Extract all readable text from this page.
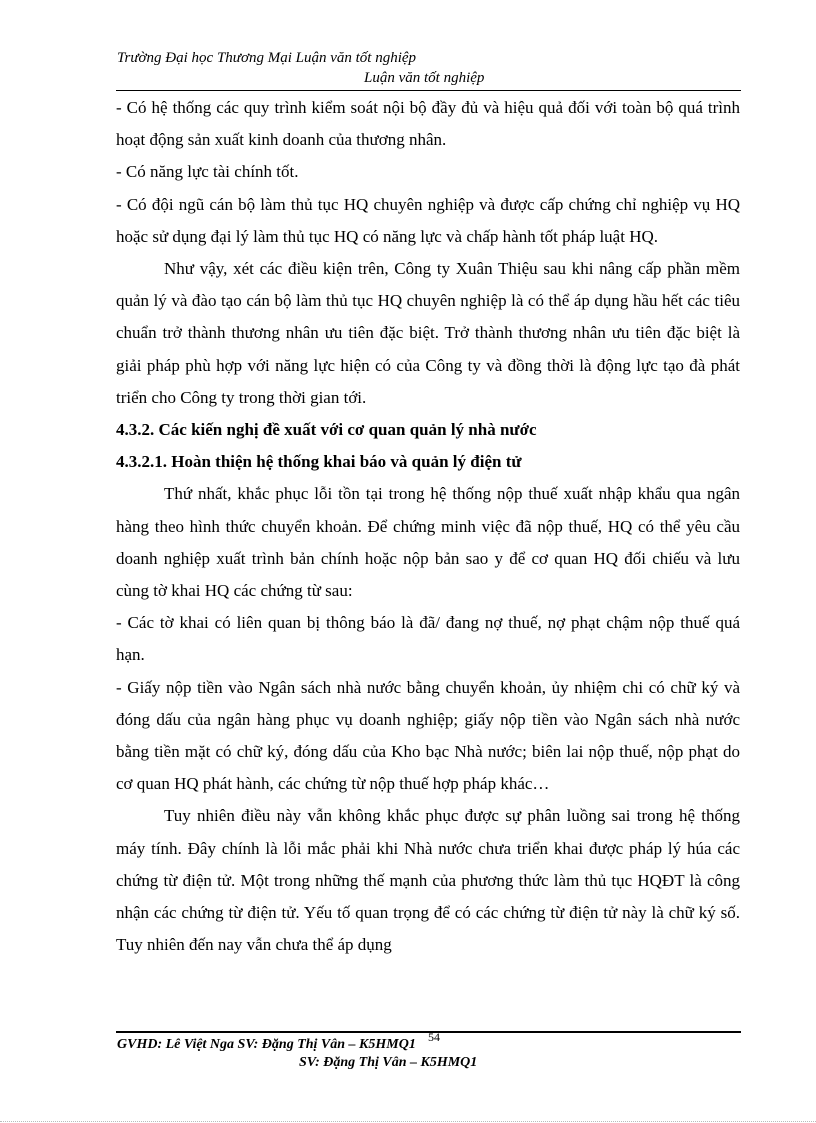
Trường Đại học Thương Mại Luận văn tốt nghiệp
Luận văn tốt nghiệp

- Có hệ thống các quy trình kiểm soát nội bộ đầy đủ và hiệu quả đối với toàn bộ quá trình hoạt động sản xuất kinh doanh của thương nhân.

- Có năng lực tài chính tốt.

- Có đội ngũ cán bộ làm thủ tục HQ chuyên nghiệp và được cấp chứng chỉ nghiệp vụ HQ hoặc sử dụng đại lý làm thủ tục HQ có năng lực và chấp hành tốt pháp luật HQ.

Như vậy, xét các điều kiện trên, Công ty Xuân Thiệu sau khi nâng cấp phần mềm quản lý và đào tạo cán bộ làm thủ tục HQ chuyên nghiệp là có thể áp dụng hầu hết các tiêu chuẩn trở thành thương nhân ưu tiên đặc biệt. Trở thành thương nhân ưu tiên đặc biệt là giải pháp phù hợp với năng lực hiện có của Công ty và đồng thời là động lực tạo đà phát triển cho Công ty trong thời gian tới.

4.3.2. Các kiến nghị đề xuất với cơ quan quản lý nhà nước

4.3.2.1. Hoàn thiện hệ thống khai báo và quản lý điện tử

Thứ nhất, khắc phục lỗi tồn tại trong hệ thống nộp thuế xuất nhập khẩu qua ngân hàng theo hình thức chuyển khoản. Để chứng minh việc đã nộp thuế, HQ có thể yêu cầu doanh nghiệp xuất trình bản chính hoặc nộp bản sao y để cơ quan HQ đối chiếu và lưu cùng tờ khai HQ các chứng từ sau:

- Các tờ khai có liên quan bị thông báo là đã/ đang nợ thuế, nợ phạt chậm nộp thuế quá hạn.

- Giấy nộp tiền vào Ngân sách nhà nước bằng chuyển khoản, ủy nhiệm chi có chữ ký và đóng dấu của ngân hàng phục vụ doanh nghiệp; giấy nộp tiền vào Ngân sách nhà nước bằng tiền mặt có chữ ký, đóng dấu của Kho bạc Nhà nước; biên lai nộp thuế, nộp phạt do cơ quan HQ phát hành, các chứng từ nộp thuế hợp pháp khác…

Tuy nhiên điều này vẫn không khắc phục được sự phân luồng sai trong hệ thống máy tính. Đây chính là lỗi mắc phải khi Nhà nước chưa triển khai được pháp lý húa các chứng từ điện tử. Một trong những thế mạnh của phương thức làm thủ tục HQĐT là công nhận các chứng từ điện tử. Yếu tố quan trọng để có các chứng từ điện tử này là chữ ký số. Tuy nhiên đến nay vẫn chưa thể áp dụng

54
GVHD: Lê Việt Nga SV: Đặng Thị Vân – K5HMQ1
SV: Đặng Thị Vân – K5HMQ1
